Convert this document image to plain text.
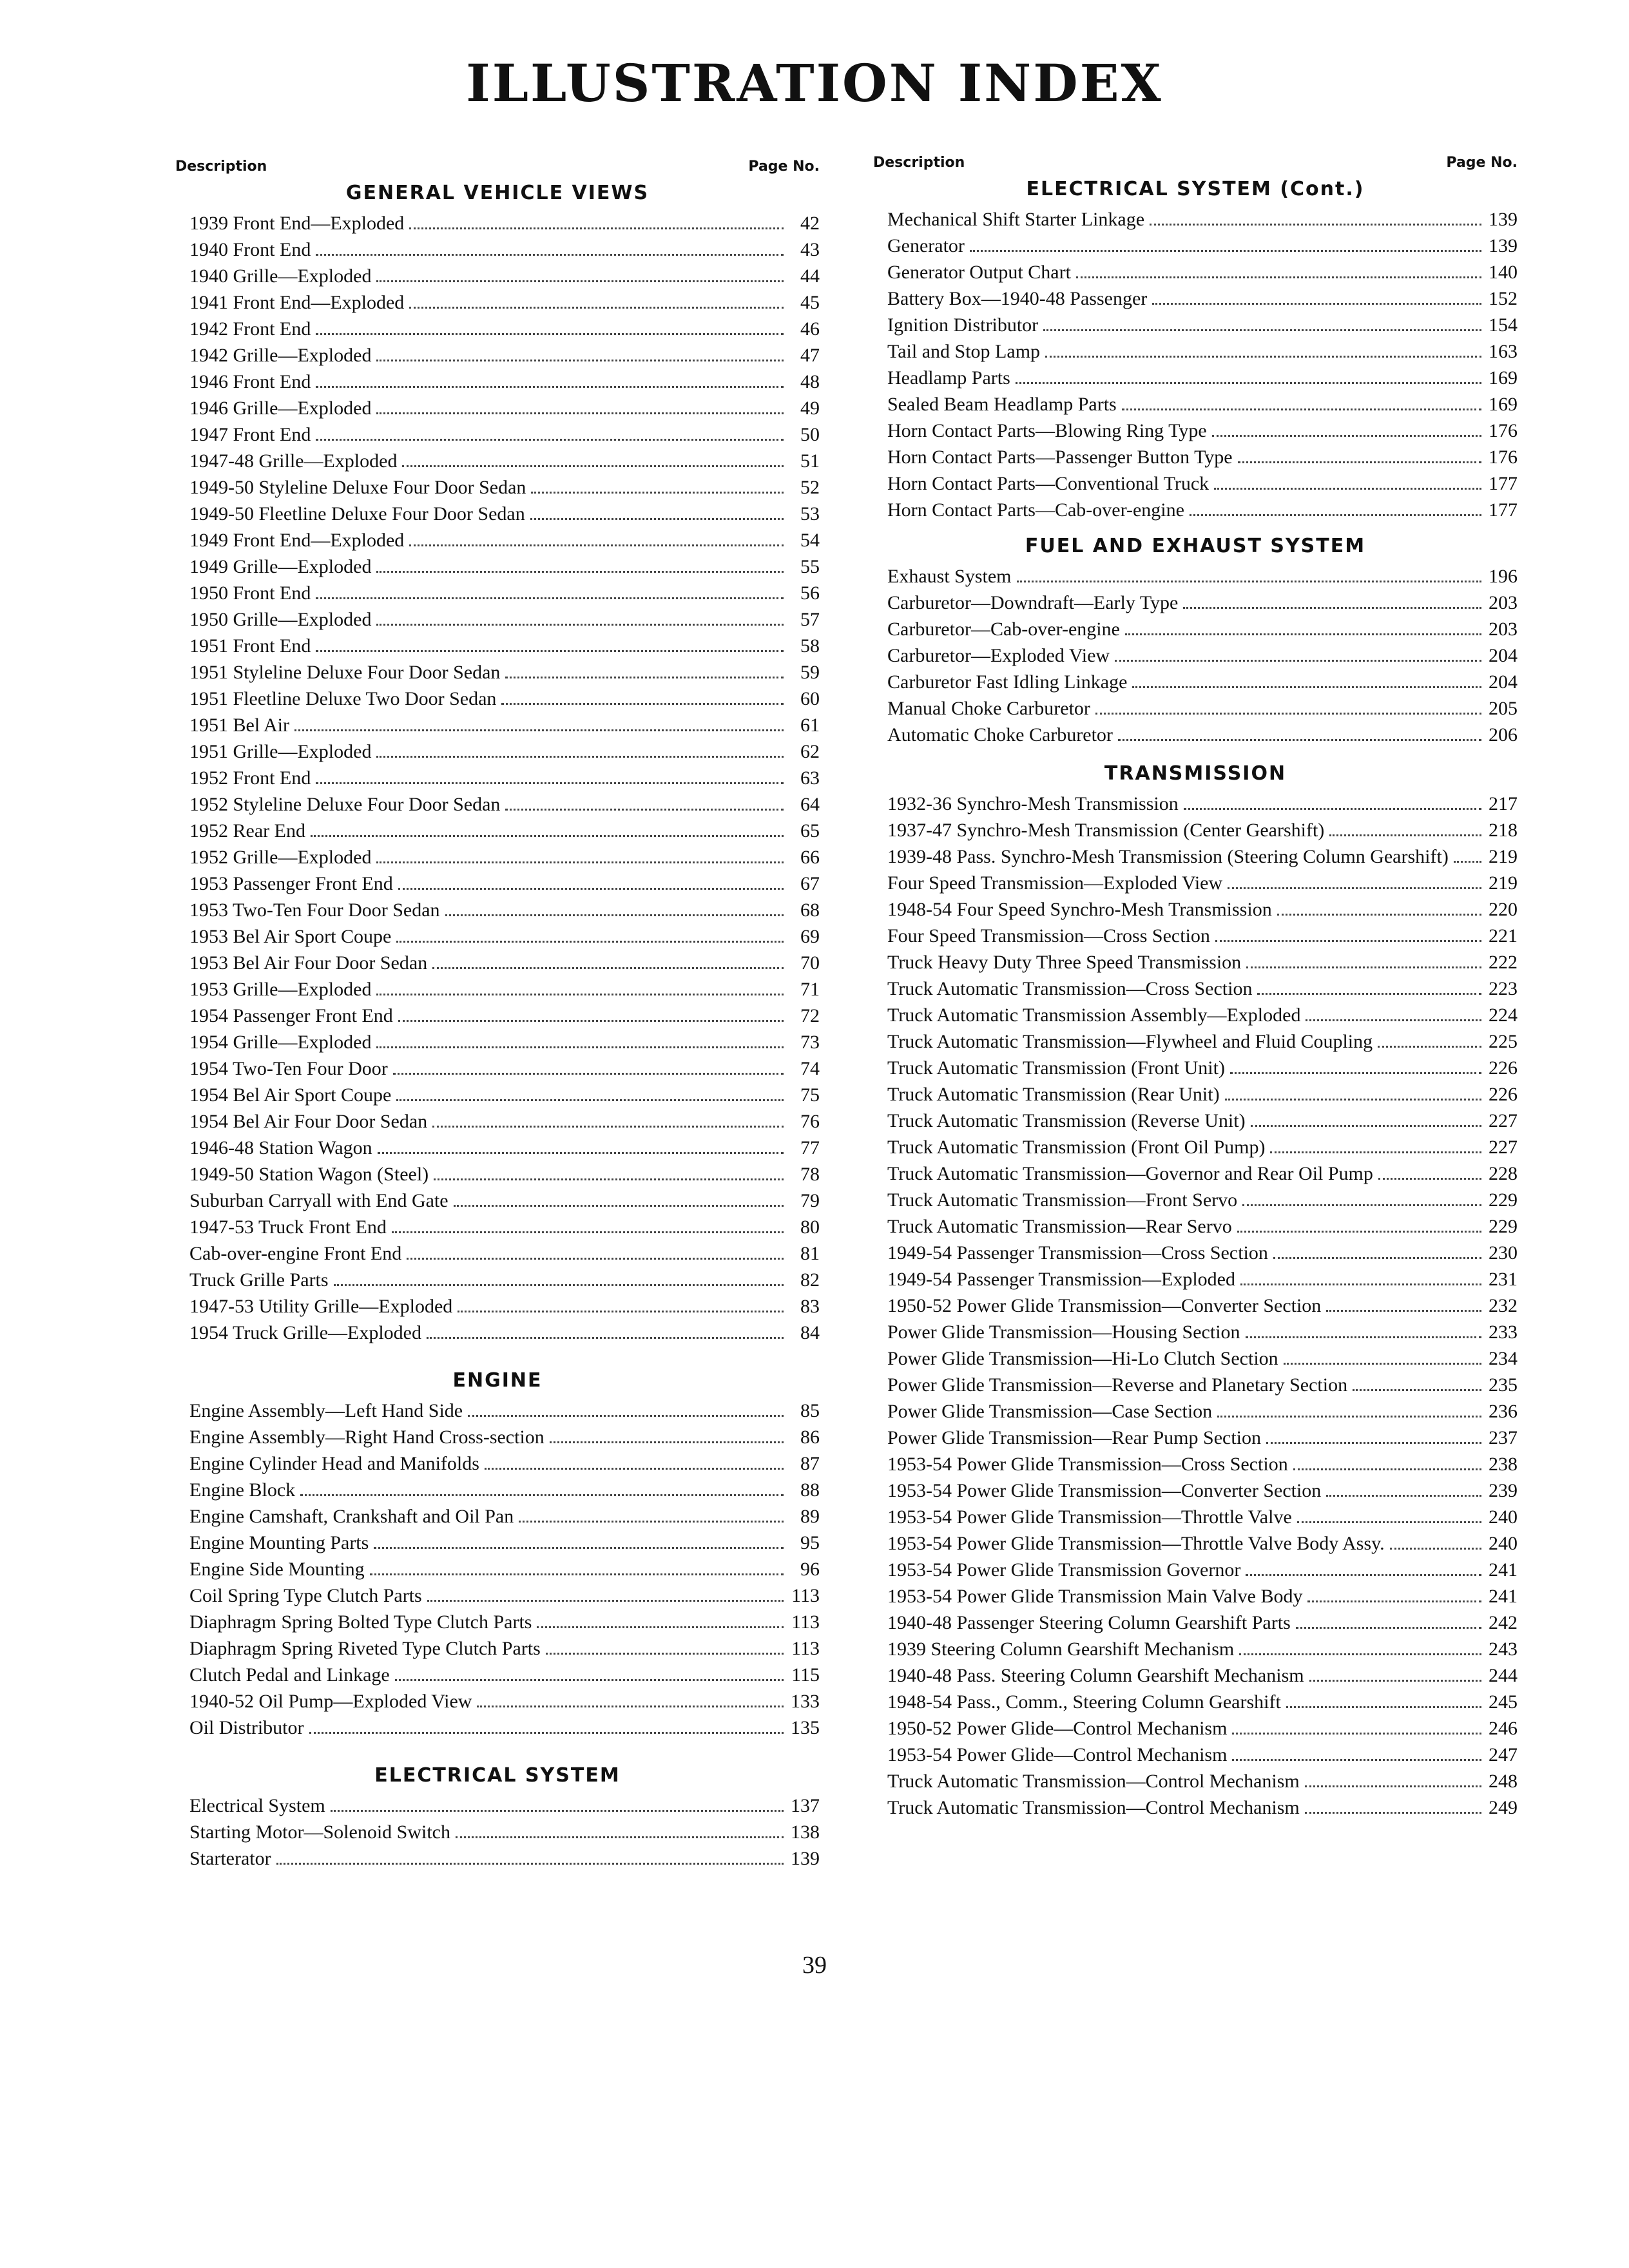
ILLUSTRATION INDEX
Description	Page No.
GENERAL VEHICLE VIEWS
1939 Front End—Exploded	42
1940 Front End	43
1940 Grille—Exploded	44
1941 Front End—Exploded	45
1942 Front End	46
1942 Grille—Exploded	47
1946 Front End	48
1946 Grille—Exploded	49
1947 Front End	50
1947-48 Grille—Exploded	51
1949-50 Styleline Deluxe Four Door Sedan	52
1949-50 Fleetline Deluxe Four Door Sedan	53
1949 Front End—Exploded	54
1949 Grille—Exploded	55
1950 Front End	56
1950 Grille—Exploded	57
1951 Front End	58
1951 Styleline Deluxe Four Door Sedan	59
1951 Fleetline Deluxe Two Door Sedan	60
1951 Bel Air	61
1951 Grille—Exploded	62
1952 Front End	63
1952 Styleline Deluxe Four Door Sedan	64
1952 Rear End	65
1952 Grille—Exploded	66
1953 Passenger Front End	67
1953 Two-Ten Four Door Sedan	68
1953 Bel Air Sport Coupe	69
1953 Bel Air Four Door Sedan	70
1953 Grille—Exploded	71
1954 Passenger Front End	72
1954 Grille—Exploded	73
1954 Two-Ten Four Door	74
1954 Bel Air Sport Coupe	75
1954 Bel Air Four Door Sedan	76
1946-48 Station Wagon	77
1949-50 Station Wagon (Steel)	78
Suburban Carryall with End Gate	79
1947-53 Truck Front End	80
Cab-over-engine Front End	81
Truck Grille Parts	82
1947-53 Utility Grille—Exploded	83
1954 Truck Grille—Exploded	84
ENGINE
Engine Assembly—Left Hand Side	85
Engine Assembly—Right Hand Cross-section	86
Engine Cylinder Head and Manifolds	87
Engine Block	88
Engine Camshaft, Crankshaft and Oil Pan	89
Engine Mounting Parts	95
Engine Side Mounting	96
Coil Spring Type Clutch Parts	113
Diaphragm Spring Bolted Type Clutch Parts	113
Diaphragm Spring Riveted Type Clutch Parts	113
Clutch Pedal and Linkage	115
1940-52 Oil Pump—Exploded View	133
Oil Distributor	135
ELECTRICAL SYSTEM
Electrical System	137
Starting Motor—Solenoid Switch	138
Starterator	139
Description	Page No.
ELECTRICAL SYSTEM (Cont.)
Mechanical Shift Starter Linkage	139
Generator	139
Generator Output Chart	140
Battery Box—1940-48 Passenger	152
Ignition Distributor	154
Tail and Stop Lamp	163
Headlamp Parts	169
Sealed Beam Headlamp Parts	169
Horn Contact Parts—Blowing Ring Type	176
Horn Contact Parts—Passenger Button Type	176
Horn Contact Parts—Conventional Truck	177
Horn Contact Parts—Cab-over-engine	177
FUEL AND EXHAUST SYSTEM
Exhaust System	196
Carburetor—Downdraft—Early Type	203
Carburetor—Cab-over-engine	203
Carburetor—Exploded View	204
Carburetor Fast Idling Linkage	204
Manual Choke Carburetor	205
Automatic Choke Carburetor	206
TRANSMISSION
1932-36 Synchro-Mesh Transmission	217
1937-47 Synchro-Mesh Transmission (Center Gearshift)	218
1939-48 Pass. Synchro-Mesh Transmission (Steering Column Gearshift) 219
Four Speed Transmission—Exploded View	219
1948-54 Four Speed Synchro-Mesh Transmission	220
Four Speed Transmission—Cross Section	221
Truck Heavy Duty Three Speed Transmission	222
Truck Automatic Transmission—Cross Section	223
Truck Automatic Transmission Assembly—Exploded	224
Truck Automatic Transmission—Flywheel and Fluid Coupling	225
Truck Automatic Transmission (Front Unit)	226
Truck Automatic Transmission (Rear Unit)	226
Truck Automatic Transmission (Reverse Unit)	227
Truck Automatic Transmission (Front Oil Pump)	227
Truck Automatic Transmission—Governor and Rear Oil Pump	228
Truck Automatic Transmission—Front Servo	229
Truck Automatic Transmission—Rear Servo	229
1949-54 Passenger Transmission—Cross Section	230
1949-54 Passenger Transmission—Exploded	231
1950-52 Power Glide Transmission—Converter Section	232
Power Glide Transmission—Housing Section	233
Power Glide Transmission—Hi-Lo Clutch Section	234
Power Glide Transmission—Reverse and Planetary Section	235
Power Glide Transmission—Case Section	236
Power Glide Transmission—Rear Pump Section	237
1953-54 Power Glide Transmission—Cross Section	238
1953-54 Power Glide Transmission—Converter Section	239
1953-54 Power Glide Transmission—Throttle Valve	240
1953-54 Power Glide Transmission—Throttle Valve Body Assy.	240
1953-54 Power Glide Transmission Governor	241
1953-54 Power Glide Transmission Main Valve Body	241
1940-48 Passenger Steering Column Gearshift Parts	242
1939 Steering Column Gearshift Mechanism	243
1940-48 Pass. Steering Column Gearshift Mechanism	244
1948-54 Pass., Comm., Steering Column Gearshift	245
1950-52 Power Glide—Control Mechanism	246
1953-54 Power Glide—Control Mechanism	247
Truck Automatic Transmission—Control Mechanism	248
Truck Automatic Transmission—Control Mechanism	249
39
